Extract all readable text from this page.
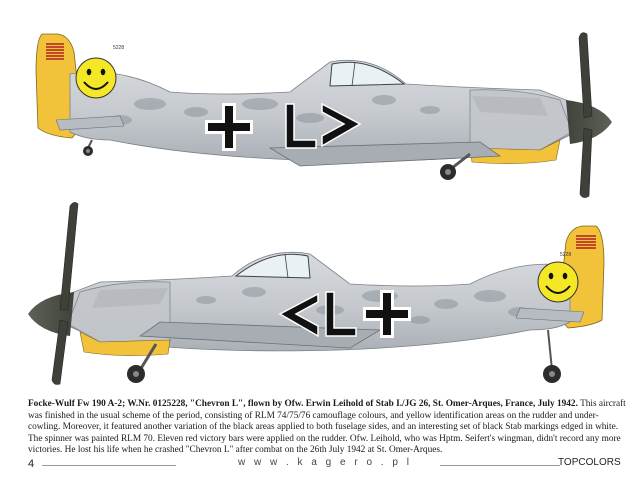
5228
5228

Focke-Wulf Fw 190 A-2; W.Nr. 0125228, "Chevron L", flown by Ofw. Erwin Leihold of Stab I./JG 26, St. Omer-Arques, France, July 1942. This aircraft was finished in the usual scheme of the period, consisting of RLM 74/75/76 camouflage colours, and yellow identification areas on the rudder and under-cowling. Moreover, it featured another variation of the black areas applied to both fuselage sides, and an interesting set of black Stab markings edged in white. The spinner was painted RLM 70. Eleven red victory bars were applied on the rudder. Ofw. Leihold, who was Hptm. Seifert's wingman, didn't record any more victories. He lost his life when he crashed "Chevron L" after combat on the 26th July 1942 at St. Omer-Arques.

4	w w w . k a g e r o . p l	TOPCOLORS
